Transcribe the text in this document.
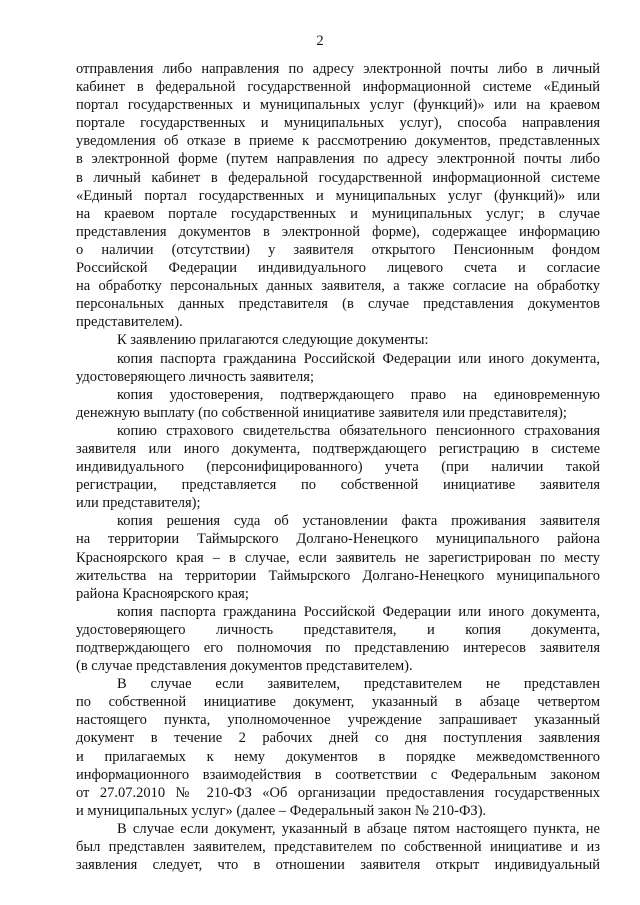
2
отправления либо направления по адресу электронной почты либо в личный
кабинет в федеральной государственной информационной системе «Единый
портал государственных и муниципальных услуг (функций)» или на краевом
портале государственных и муниципальных услуг), способа направления
уведомления об отказе в приеме к рассмотрению документов, представленных
в электронной форме (путем направления по адресу электронной почты либо
в личный кабинет в федеральной государственной информационной системе
«Единый портал государственных и муниципальных услуг (функций)» или
на краевом портале государственных и муниципальных услуг; в случае
представления документов в электронной форме), содержащее информацию
о наличии (отсутствии) у заявителя открытого Пенсионным фондом
Российской Федерации индивидуального лицевого счета и согласие
на обработку персональных данных заявителя, а также согласие на обработку
персональных данных представителя (в случае представления документов
представителем).
К заявлению прилагаются следующие документы:
копия паспорта гражданина Российской Федерации или иного документа,
удостоверяющего личность заявителя;
копия удостоверения, подтверждающего право на единовременную
денежную выплату (по собственной инициативе заявителя или представителя);
копию страхового свидетельства обязательного пенсионного страхования
заявителя или иного документа, подтверждающего регистрацию в системе
индивидуального (персонифицированного) учета (при наличии такой
регистрации, представляется по собственной инициативе заявителя
или представителя);
копия решения суда об установлении факта проживания заявителя
на территории Таймырского Долгано-Ненецкого муниципального района
Красноярского края – в случае, если заявитель не зарегистрирован по месту
жительства на территории Таймырского Долгано-Ненецкого муниципального
района Красноярского края;
копия паспорта гражданина Российской Федерации или иного документа,
удостоверяющего личность представителя, и копия документа,
подтверждающего его полномочия по представлению интересов заявителя
(в случае представления документов представителем).
В случае если заявителем, представителем не представлен
по собственной инициативе документ, указанный в абзаце четвертом
настоящего пункта, уполномоченное учреждение запрашивает указанный
документ в течение 2 рабочих дней со дня поступления заявления
и прилагаемых к нему документов в порядке межведомственного
информационного взаимодействия в соответствии с Федеральным законом
от 27.07.2010 № 210-ФЗ «Об организации предоставления государственных
и муниципальных услуг» (далее – Федеральный закон № 210-ФЗ).
В случае если документ, указанный в абзаце пятом настоящего пункта, не
был представлен заявителем, представителем по собственной инициативе и из
заявления следует, что в отношении заявителя открыт индивидуальный
